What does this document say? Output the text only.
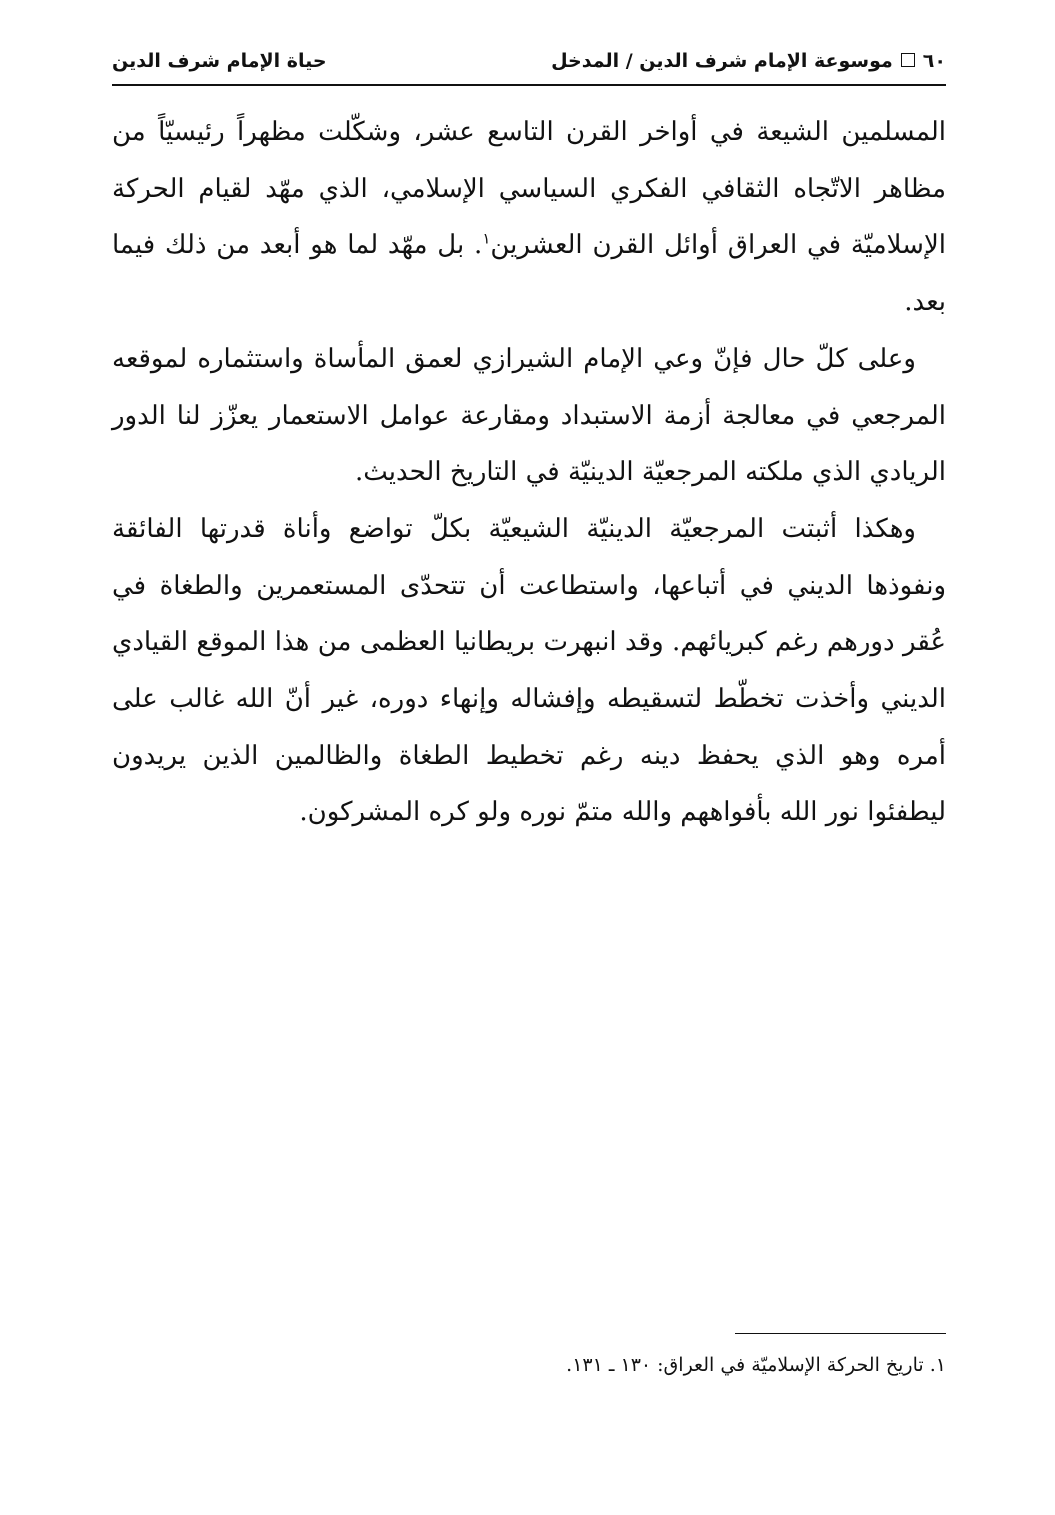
٦٠موسوعة الإمام شرف الدين / المدخل
حياة الإمام شرف الدين

المسلمين الشيعة في أواخر القرن التاسع عشر، وشكّلت مظهراً رئيسيّاً من مظاهر الاتّجاه الثقافي الفكري السياسي الإسلامي، الذي مهّد لقيام الحركة الإسلاميّة في العراق أوائل القرن العشرين$^١$. بل مهّد لما هو أبعد من ذلك فيما بعد.

وعلى كلّ حال فإنّ وعي الإمام الشيرازي لعمق المأساة واستثماره لموقعه المرجعي في معالجة أزمة الاستبداد ومقارعة عوامل الاستعمار يعزّز لنا الدور الريادي الذي ملكته المرجعيّة الدينيّة في التاريخ الحديث.

وهكذا أثبتت المرجعيّة الدينيّة الشيعيّة بكلّ تواضع وأناة قدرتها الفائقة ونفوذها الديني في أتباعها، واستطاعت أن تتحدّى المستعمرين والطغاة في عُقر دورهم رغم كبريائهم. وقد انبهرت بريطانيا العظمى من هذا الموقع القيادي الديني وأخذت تخطّط لتسقيطه وإفشاله وإنهاء دوره، غير أنّ الله غالب على أمره وهو الذي يحفظ دينه رغم تخطيط الطغاة والظالمين الذين يريدون ليطفئوا نور الله بأفواههم والله متمّ نوره ولو كره المشركون.

١. تاريخ الحركة الإسلاميّة في العراق: ١٣٠ ـ ١٣١.
